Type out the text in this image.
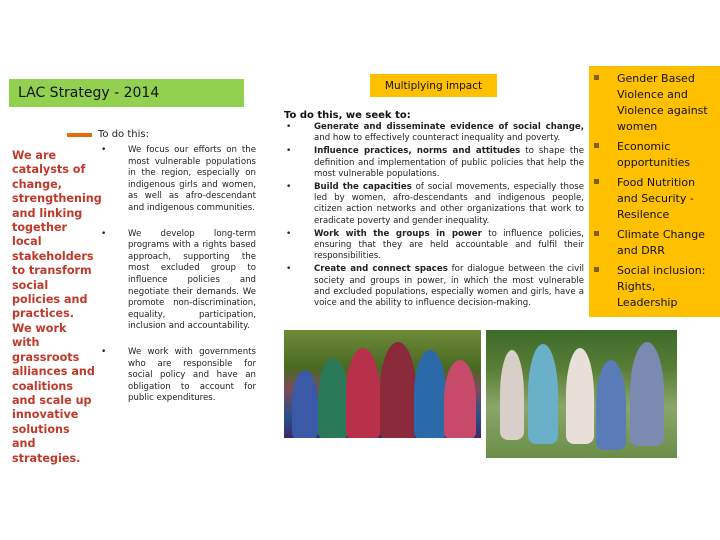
LAC Strategy - 2014	Multiplying impact
Gender Based Violence and Violence against women
Economic opportunities
Food Nutrition and Security - Resilence
Climate Change and DRR
Social inclusion: Rights, Leadership
To do this:
We are catalysts of change, strengthening and linking together local stakeholders to transform social policies and practices. We work with grassroots alliances and coalitions and scale up innovative solutions and strategies.
•	We focus our efforts on the most vulnerable populations in the region, especially on indigenous girls and women, as well as afro-descendant and indigenous communities.
•	We develop long-term programs with a rights based approach, supporting the most excluded group to influence policies and negotiate their demands. We promote non-discrimination, equality, participation, inclusion and accountability.
•	We work with governments who are responsible for social policy and have an obligation to account for public expenditures.
To do this, we seek to:
•	Generate and disseminate evidence of social change, and how to effectively counteract inequality and poverty.
•	Influence practices, norms and attitudes to shape the definition and implementation of public policies that help the most vulnerable populations.
•	Build the capacities of social movements, especially those led by women, afro-descendants and indigenous people, citizen action networks and other organizations that work to eradicate poverty and gender inequality.
•	Work with the groups in power to influence policies, ensuring that they are held accountable and fulfil their responsibilities.
•	Create and connect spaces for dialogue between the civil society and groups in power, in which the most vulnerable and excluded populations, especially women and girls, have a voice and the ability to influence decision-making.
